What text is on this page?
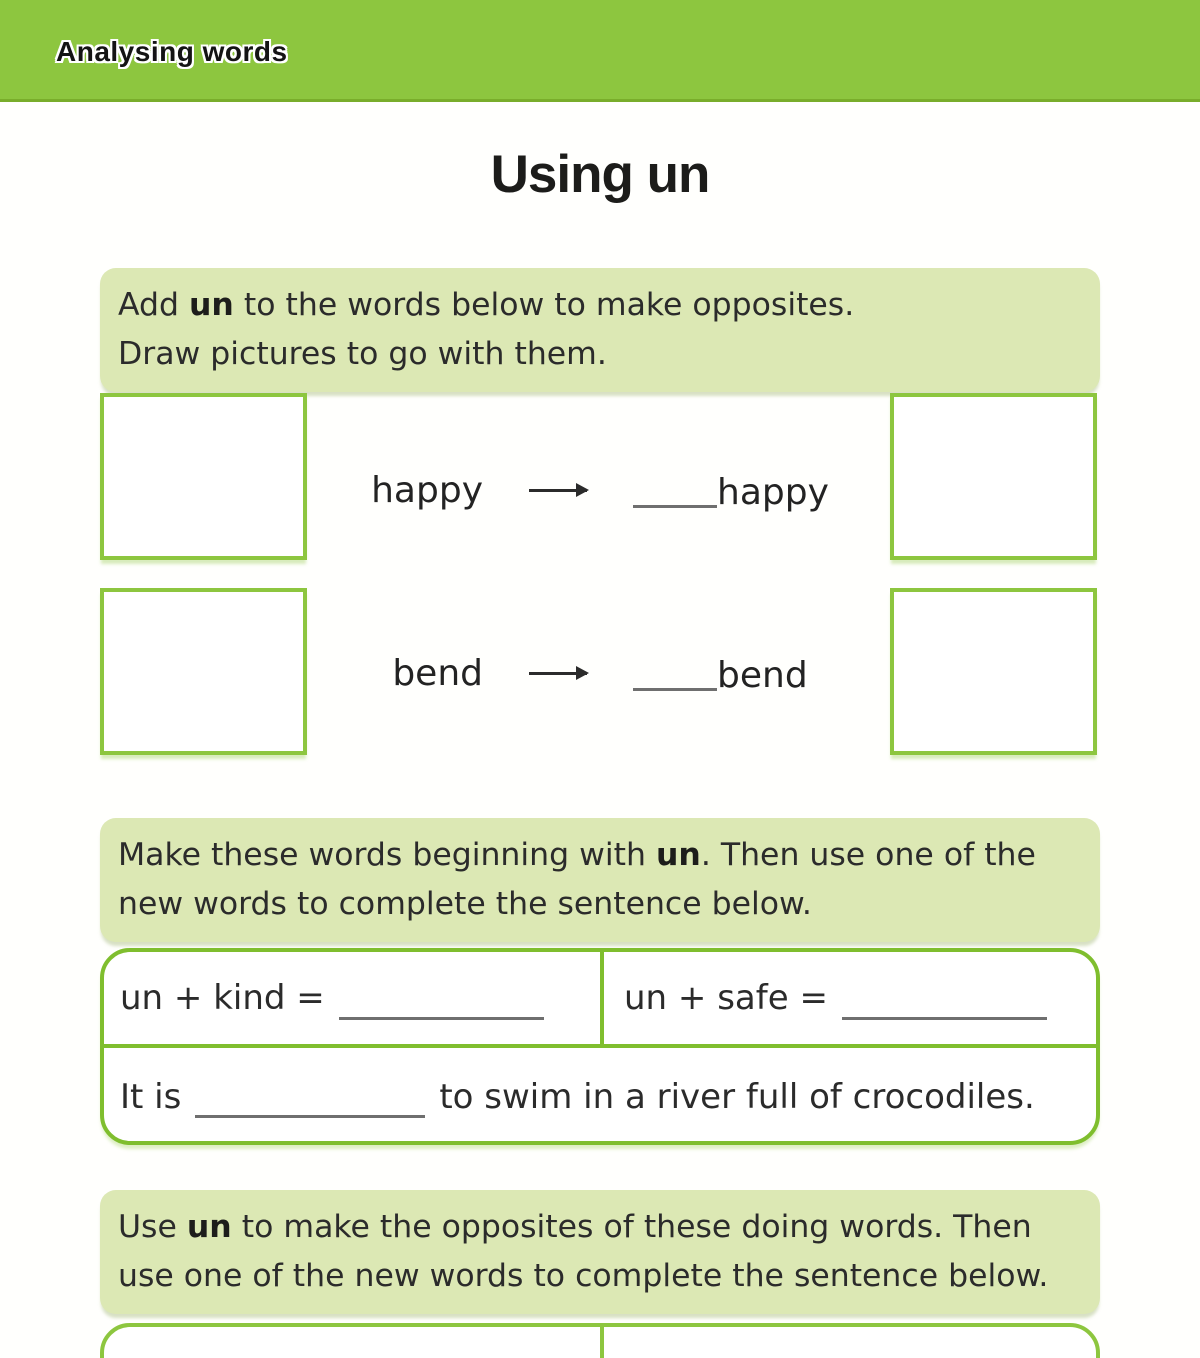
Analysing words
Using un
Add un to the words below to make opposites.
Draw pictures to go with them.
happy	happy
bend	bend
Make these words beginning with un. Then use one of the new words to complete the sentence below.
un + kind =	un + safe =
It is	to swim in a river full of crocodiles.
Use un to make the opposites of these doing words. Then use one of the new words to complete the sentence below.
